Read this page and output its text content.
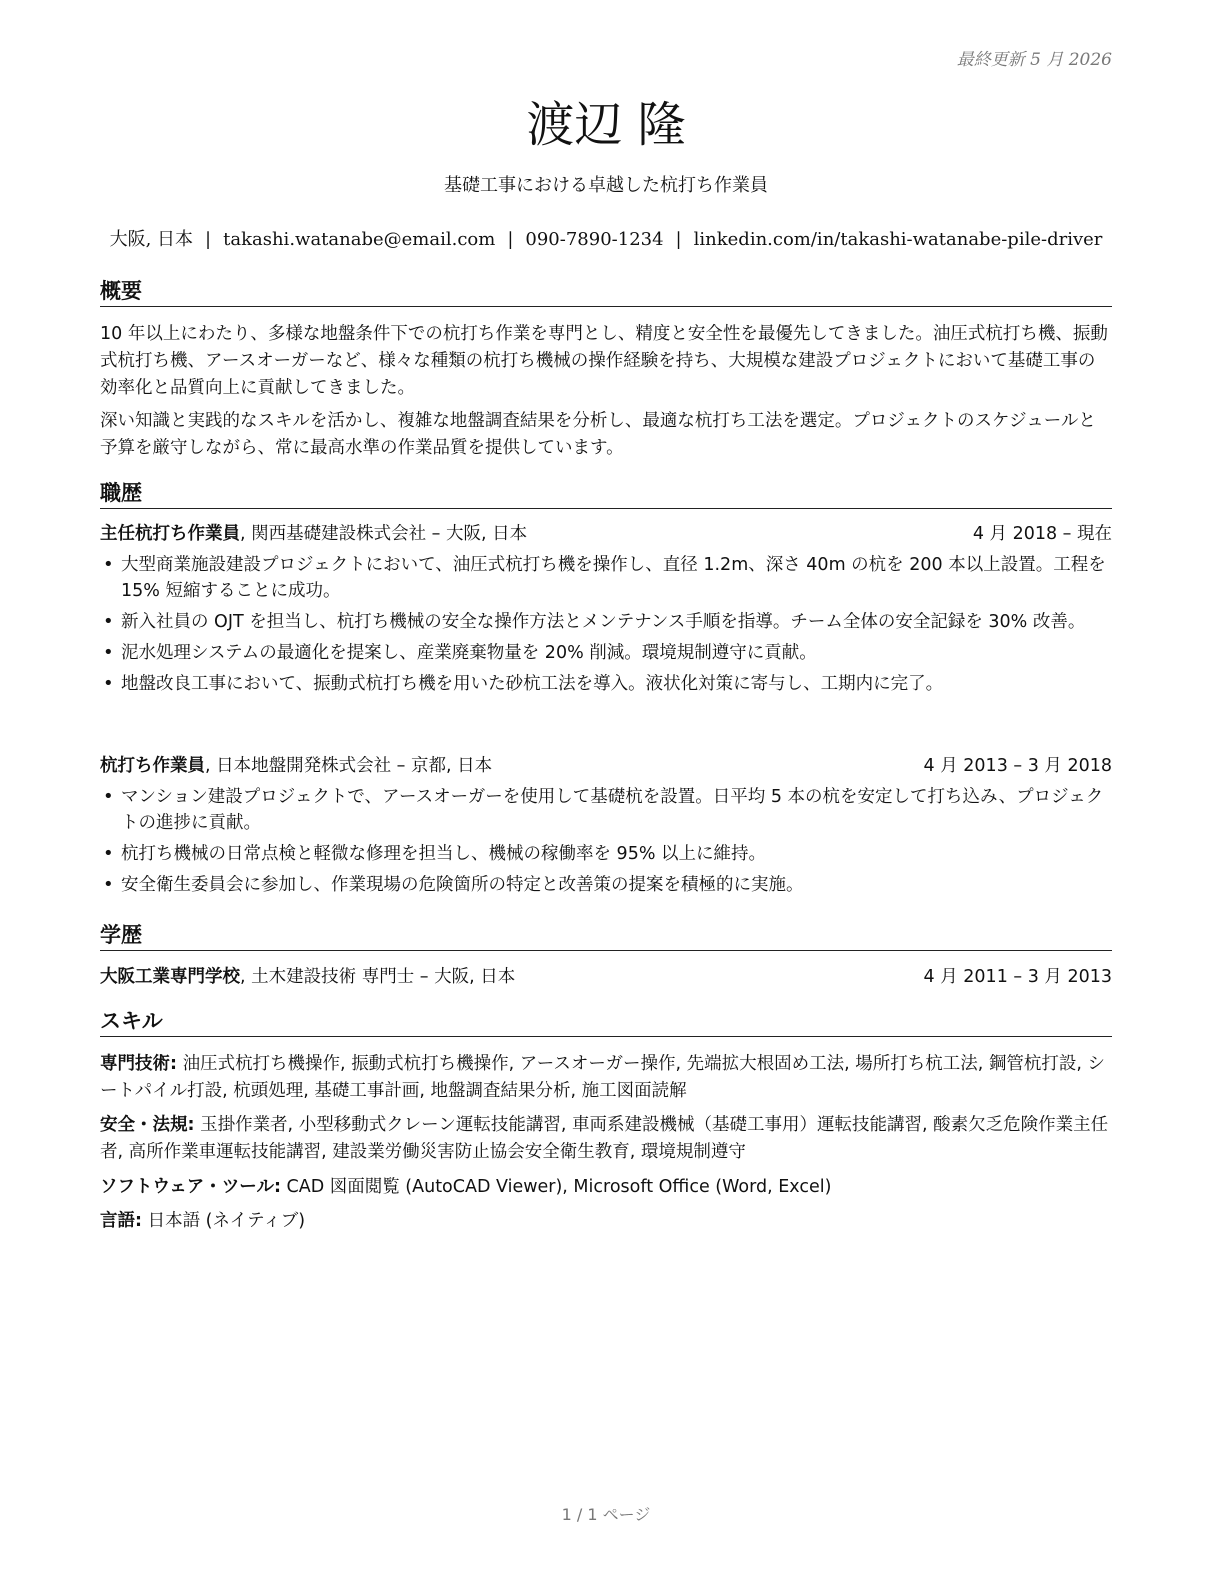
最終更新 5 月 2026
渡辺 隆
基礎工事における卓越した杭打ち作業員
大阪, 日本 | takashi.watanabe@email.com | 090-7890-1234 | linkedin.com/in/takashi-watanabe-pile-driver
概要
10 年以上にわたり、多様な地盤条件下での杭打ち作業を専門とし、精度と安全性を最優先してきました。油圧式杭打ち機、振動式杭打ち機、アースオーガーなど、様々な種類の杭打ち機械の操作経験を持ち、大規模な建設プロジェクトにおいて基礎工事の効率化と品質向上に貢献してきました。
深い知識と実践的なスキルを活かし、複雑な地盤調査結果を分析し、最適な杭打ち工法を選定。プロジェクトのスケジュールと予算を厳守しながら、常に最高水準の作業品質を提供しています。
職歴
主任杭打ち作業員, 関西基礎建設株式会社 – 大阪, 日本	4 月 2018 – 現在
• 大型商業施設建設プロジェクトにおいて、油圧式杭打ち機を操作し、直径 1.2m、深さ 40m の杭を 200 本以上設置。工程を 15% 短縮することに成功。
• 新入社員の OJT を担当し、杭打ち機械の安全な操作方法とメンテナンス手順を指導。チーム全体の安全記録を 30% 改善。
• 泥水処理システムの最適化を提案し、産業廃棄物量を 20% 削減。環境規制遵守に貢献。
• 地盤改良工事において、振動式杭打ち機を用いた砂杭工法を導入。液状化対策に寄与し、工期内に完了。
杭打ち作業員, 日本地盤開発株式会社 – 京都, 日本	4 月 2013 – 3 月 2018
• マンション建設プロジェクトで、アースオーガーを使用して基礎杭を設置。日平均 5 本の杭を安定して打ち込み、プロジェクトの進捗に貢献。
• 杭打ち機械の日常点検と軽微な修理を担当し、機械の稼働率を 95% 以上に維持。
• 安全衛生委員会に参加し、作業現場の危険箇所の特定と改善策の提案を積極的に実施。
学歴
大阪工業専門学校, 土木建設技術 専門士 – 大阪, 日本	4 月 2011 – 3 月 2013
スキル
専門技術: 油圧式杭打ち機操作, 振動式杭打ち機操作, アースオーガー操作, 先端拡大根固め工法, 場所打ち杭工法, 鋼管杭打設, シートパイル打設, 杭頭処理, 基礎工事計画, 地盤調査結果分析, 施工図面読解
安全・法規: 玉掛作業者, 小型移動式クレーン運転技能講習, 車両系建設機械（基礎工事用）運転技能講習, 酸素欠乏危険作業主任者, 高所作業車運転技能講習, 建設業労働災害防止協会安全衛生教育, 環境規制遵守
ソフトウェア・ツール: CAD 図面閲覧 (AutoCAD Viewer), Microsoft Office (Word, Excel)
言語: 日本語 (ネイティブ)
1 / 1 ページ
